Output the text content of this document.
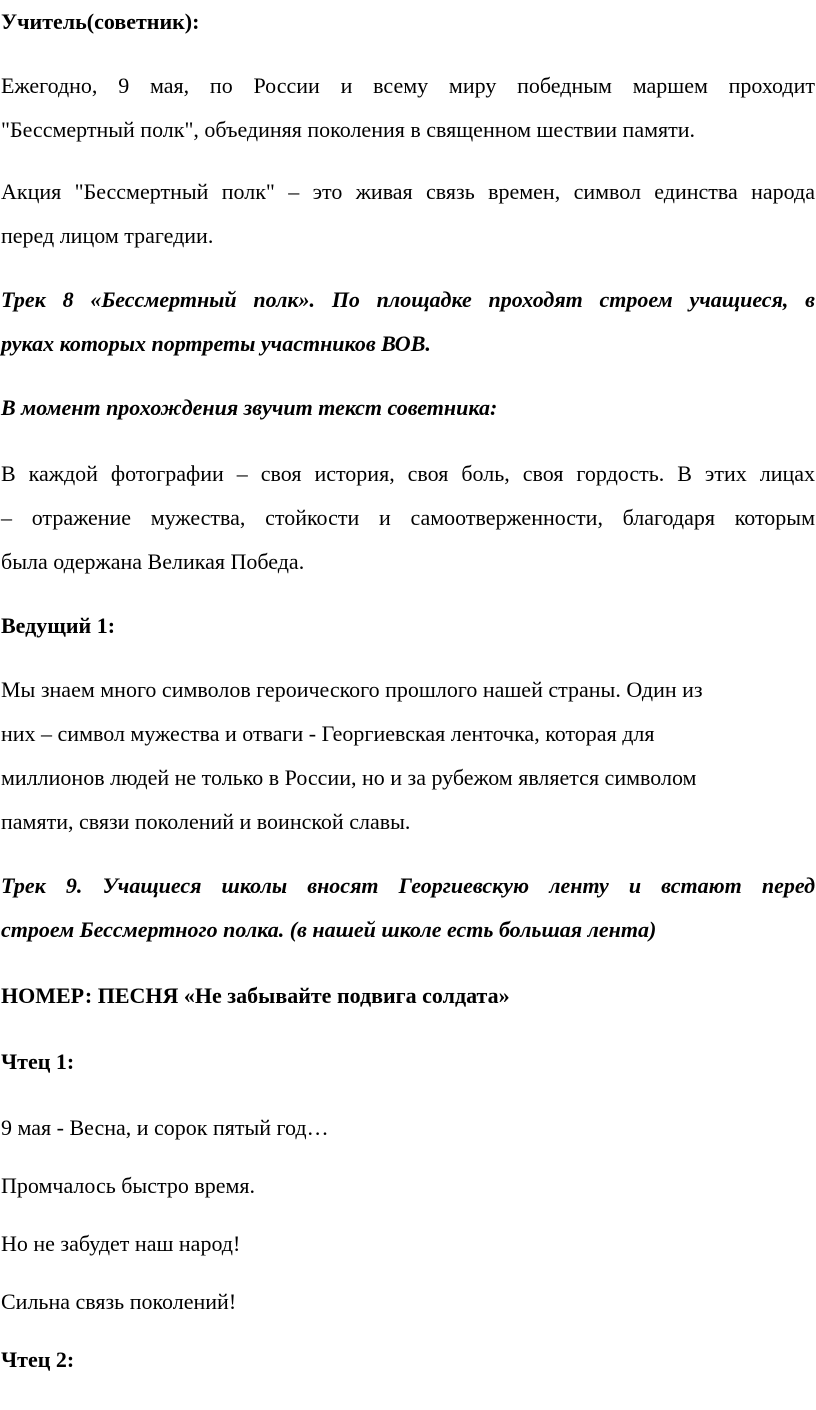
Учитель(советник):

Ежегодно, 9 мая, по России и всему миру победным маршем проходит
"Бессмертный полк", объединяя поколения в священном шествии памяти.

Акция "Бессмертный полк" – это живая связь времен, символ единства народа
перед лицом трагедии.

Трек 8 «Бессмертный полк». По площадке проходят строем учащиеся, в
руках которых портреты участников ВОВ.

В момент прохождения звучит текст советника:

В каждой фотографии – своя история, своя боль, своя гордость. В этих лицах
– отражение мужества, стойкости и самоотверженности, благодаря которым
была одержана Великая Победа.

Ведущий 1:

Мы знаем много символов героического прошлого нашей страны. Один из
них – символ мужества и отваги - Георгиевская ленточка, которая для
миллионов людей не только в России, но и за рубежом является символом
памяти, связи поколений и воинской славы.

Трек 9. Учащиеся школы вносят Георгиевскую ленту и встают перед
строем Бессмертного полка. (в нашей школе есть большая лента)

НОМЕР: ПЕСНЯ «Не забывайте подвига солдата»

Чтец 1:

9 мая - Весна, и сорок пятый год…

Промчалось быстро время.

Но не забудет наш народ!

Сильна связь поколений!

Чтец 2:
